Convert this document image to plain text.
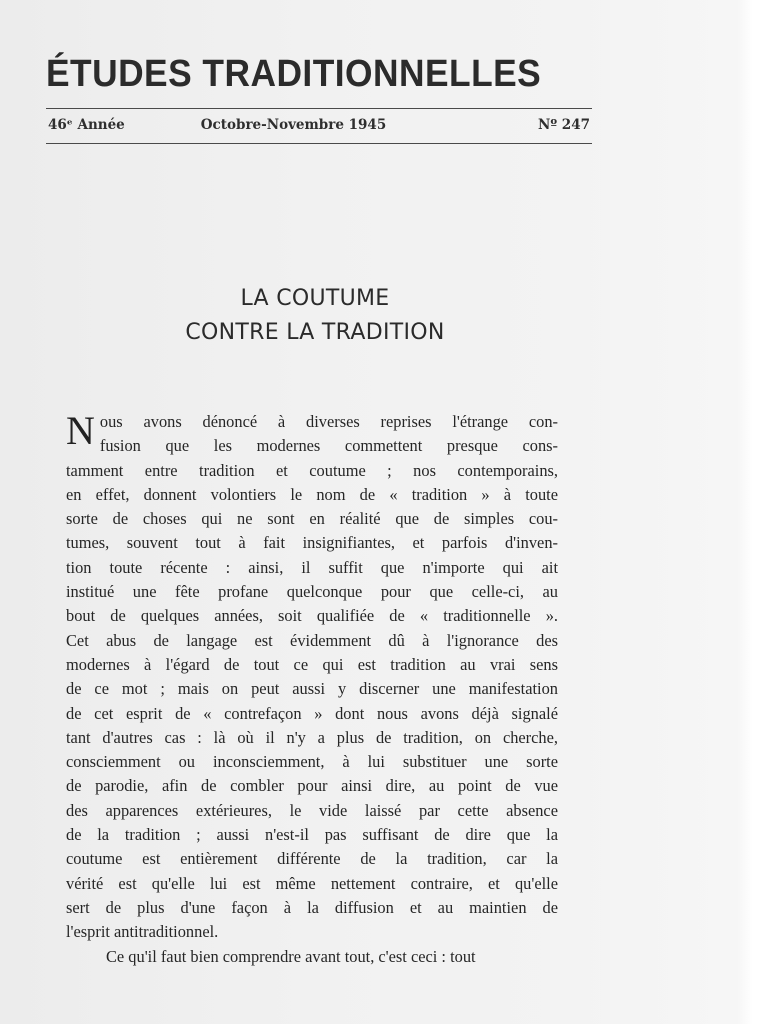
ÉTUDES TRADITIONNELLES
46ᵉ Année	Octobre-Novembre 1945	Nº 247
LA COUTUME
CONTRE LA TRADITION

N ous avons dénoncé à diverses reprises l'étrange con-
fusion que les modernes commettent presque cons-
tamment entre tradition et coutume ; nos contemporains,
en effet, donnent volontiers le nom de « tradition » à toute
sorte de choses qui ne sont en réalité que de simples cou-
tumes, souvent tout à fait insignifiantes, et parfois d'inven-
tion toute récente : ainsi, il suffit que n'importe qui ait
institué une fête profane quelconque pour que celle-ci, au
bout de quelques années, soit qualifiée de « traditionnelle ».
Cet abus de langage est évidemment dû à l'ignorance des
modernes à l'égard de tout ce qui est tradition au vrai sens
de ce mot ; mais on peut aussi y discerner une manifestation
de cet esprit de « contrefaçon » dont nous avons déjà signalé
tant d'autres cas : là où il n'y a plus de tradition, on cherche,
consciemment ou inconsciemment, à lui substituer une sorte
de parodie, afin de combler pour ainsi dire, au point de vue
des apparences extérieures, le vide laissé par cette absence
de la tradition ; aussi n'est-il pas suffisant de dire que la
coutume est entièrement différente de la tradition, car la
vérité est qu'elle lui est même nettement contraire, et qu'elle
sert de plus d'une façon à la diffusion et au maintien de
l'esprit antitraditionnel.

Ce qu'il faut bien comprendre avant tout, c'est ceci : tout
